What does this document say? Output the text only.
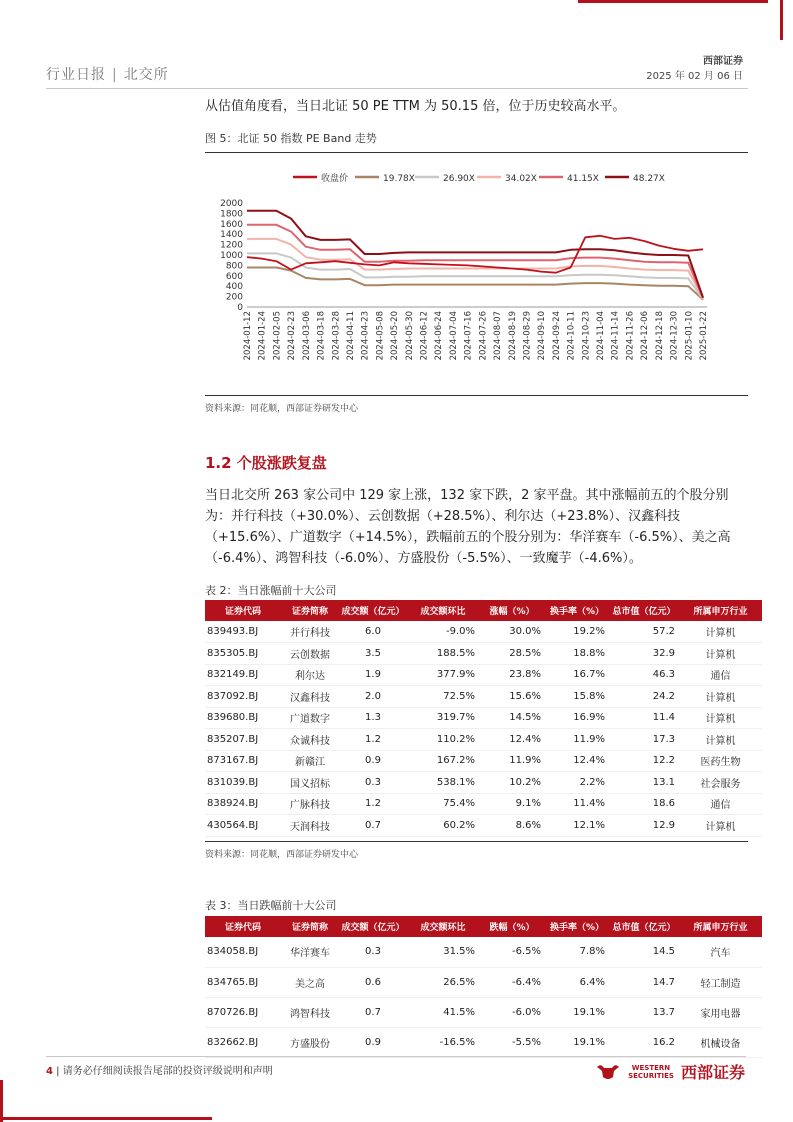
行业日报 | 北交所
西部证券
2025 年 02 月 06 日
从估值角度看，当日北证 50 PE TTM 为 50.15 倍，位于历史较高水平。
图 5：北证 50 指数 PE Band 走势
收盘价	19.78X	26.90X	34.02X	41.15X	48.27X
0
200
400
600
800
1000
1200
1400
1600
1800
2000
2024-01-12 2024-01-24 2024-02-05 2024-02-23 2024-03-06 2024-03-18 2024-03-28 2024-04-11 2024-04-23 2024-05-08 2024-05-20 2024-05-30 2024-06-12 2024-06-24 2024-07-04 2024-07-16 2024-07-26 2024-08-07 2024-08-19 2024-08-29 2024-09-10 2024-09-24 2024-10-11 2024-10-23 2024-11-04 2024-11-14 2024-11-26 2024-12-06 2024-12-18 2024-12-30 2025-01-10 2025-01-22
资料来源：同花顺，西部证券研发中心
1.2 个股涨跌复盘
当日北交所 263 家公司中 129 家上涨，132 家下跌，2 家平盘。其中涨幅前五的个股分别为：并行科技（+30.0%）、云创数据（+28.5%）、利尔达（+23.8%）、汉鑫科技（+15.6%）、广道数字（+14.5%），跌幅前五的个股分别为：华洋赛车（-6.5%）、美之高（-6.4%）、鸿智科技（-6.0%）、方盛股份（-5.5%）、一致魔芋（-4.6%）。
表 2：当日涨幅前十大公司
证券代码	证券简称	成交额（亿元）	成交额环比	涨幅（%）	换手率（%）	总市值（亿元）	所属申万行业
839493.BJ	并行科技	6.0	-9.0%	30.0%	19.2%	57.2	计算机
835305.BJ	云创数据	3.5	188.5%	28.5%	18.8%	32.9	计算机
832149.BJ	利尔达	1.9	377.9%	23.8%	16.7%	46.3	通信
837092.BJ	汉鑫科技	2.0	72.5%	15.6%	15.8%	24.2	计算机
839680.BJ	广道数字	1.3	319.7%	14.5%	16.9%	11.4	计算机
835207.BJ	众诚科技	1.2	110.2%	12.4%	11.9%	17.3	计算机
873167.BJ	新赣江	0.9	167.2%	11.9%	12.4%	12.2	医药生物
831039.BJ	国义招标	0.3	538.1%	10.2%	2.2%	13.1	社会服务
838924.BJ	广脉科技	1.2	75.4%	9.1%	11.4%	18.6	通信
430564.BJ	天润科技	0.7	60.2%	8.6%	12.1%	12.9	计算机
资料来源：同花顺，西部证券研发中心
表 3：当日跌幅前十大公司
证券代码	证券简称	成交额（亿元）	成交额环比	跌幅（%）	换手率（%）	总市值（亿元）	所属申万行业
834058.BJ	华洋赛车	0.3	31.5%	-6.5%	7.8%	14.5	汽车
834765.BJ	美之高	0.6	26.5%	-6.4%	6.4%	14.7	轻工制造
870726.BJ	鸿智科技	0.7	41.5%	-6.0%	19.1%	13.7	家用电器
832662.BJ	方盛股份	0.9	-16.5%	-5.5%	19.1%	16.2	机械设备
4 | 请务必仔细阅读报告尾部的投资评级说明和声明	WESTERN SECURITIES 西部证券
